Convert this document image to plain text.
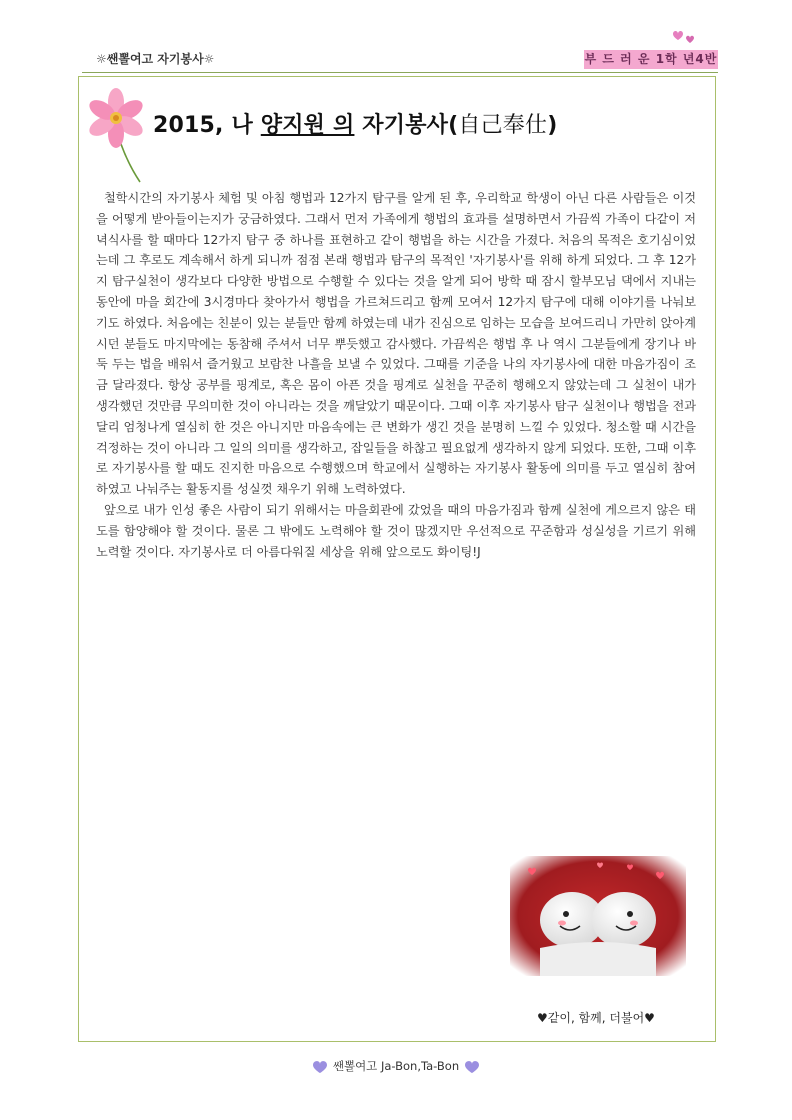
☼쌘뽈여고 자기봉사☼	부 드 러 운 1학 년4반
2015, 나 양지원 의 자기봉사(自己奉仕)

철학시간의 자기봉사 체험 및 아침 행법과 12가지 탐구를 알게 된 후, 우리학교 학생이 아닌 다른 사람들은 이것을 어떻게 받아들이는지가 궁금하였다. 그래서 먼저 가족에게 행법의 효과를 설명하면서 가끔씩 가족이 다같이 저녁식사를 할 때마다 12가지 탐구 중 하나를 표현하고 같이 행법을 하는 시간을 가졌다. 처음의 목적은 호기심이었는데 그 후로도 계속해서 하게 되니까 점점 본래 행법과 탐구의 목적인 '자기봉사'를 위해 하게 되었다. 그 후 12가지 탐구실천이 생각보다 다양한 방법으로 수행할 수 있다는 것을 알게 되어 방학 때 잠시 할부모님 댁에서 지내는 동안에 마을 회간에 3시경마다 찾아가서 행법을 가르쳐드리고 함께 모여서 12가지 탐구에 대해 이야기를 나눠보기도 하였다. 처음에는 친분이 있는 분들만 함께 하였는데 내가 진심으로 임하는 모습을 보여드리니 가만히 앉아계시던 분들도 마지막에는 동참해 주셔서 너무 뿌듯했고 감사했다. 가끔씩은 행법 후 나 역시 그분들에게 장기나 바둑 두는 법을 배워서 즐거웠고 보람찬 나흘을 보낼 수 있었다. 그때를 기준을 나의 자기봉사에 대한 마음가짐이 조금 달라졌다. 항상 공부를 핑계로, 혹은 몸이 아픈 것을 핑계로 실천을 꾸준히 행해오지 않았는데 그 실천이 내가 생각했던 것만큼 무의미한 것이 아니라는 것을 깨달았기 때문이다. 그때 이후 자기봉사 탐구 실천이나 행법을 전과 달리 엄청나게 열심히 한 것은 아니지만 마음속에는 큰 변화가 생긴 것을 분명히 느낄 수 있었다. 청소할 때 시간을 걱정하는 것이 아니라 그 일의 의미를 생각하고, 잡일들을 하찮고 필요없게 생각하지 않게 되었다. 또한, 그때 이후로 자기봉사를 할 때도 진지한 마음으로 수행했으며 학교에서 실행하는 자기봉사 활동에 의미를 두고 열심히 참여하였고 나눠주는 활동지를 성실껏 채우기 위해 노력하였다.

앞으로 내가 인성 좋은 사람이 되기 위해서는 마을회관에 갔었을 때의 마음가짐과 함께 실천에 게으르지 않은 태도를 함양해야 할 것이다. 물론 그 밖에도 노력해야 할 것이 많겠지만 우선적으로 꾸준함과 성실성을 기르기 위해 노력할 것이다. 자기봉사로 더 아름다워질 세상을 위해 앞으로도 화이팅!J

♥같이, 함께, 더불어♥
쌘뽈여고 Ja-Bon,Ta-Bon
